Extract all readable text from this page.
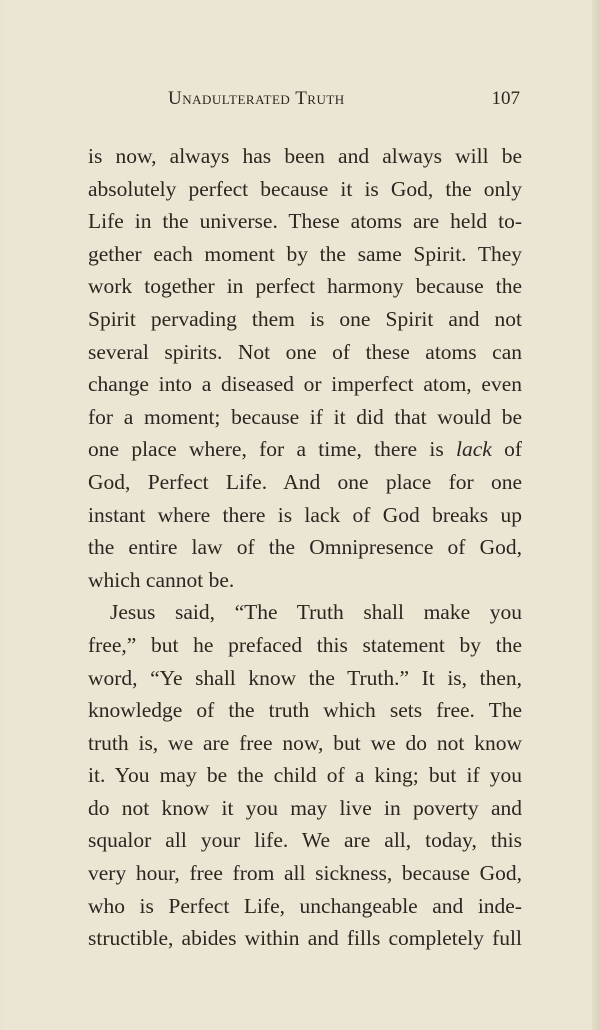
Unadulterated Truth	107
is now, always has been and always will be
absolutely perfect because it is God, the only
Life in the universe. These atoms are held to-
gether each moment by the same Spirit. They
work together in perfect harmony because the
Spirit pervading them is one Spirit and not
several spirits. Not one of these atoms can
change into a diseased or imperfect atom, even
for a moment; because if it did that would be
one place where, for a time, there is lack of
God, Perfect Life. And one place for one
instant where there is lack of God breaks up
the entire law of the Omnipresence of God,
which cannot be.
Jesus said, “The Truth shall make you
free,” but he prefaced this statement by the
word, “Ye shall know the Truth.” It is, then,
knowledge of the truth which sets free. The
truth is, we are free now, but we do not know
it. You may be the child of a king; but if you
do not know it you may live in poverty and
squalor all your life. We are all, today, this
very hour, free from all sickness, because God,
who is Perfect Life, unchangeable and inde-
structible, abides within and fills completely full
